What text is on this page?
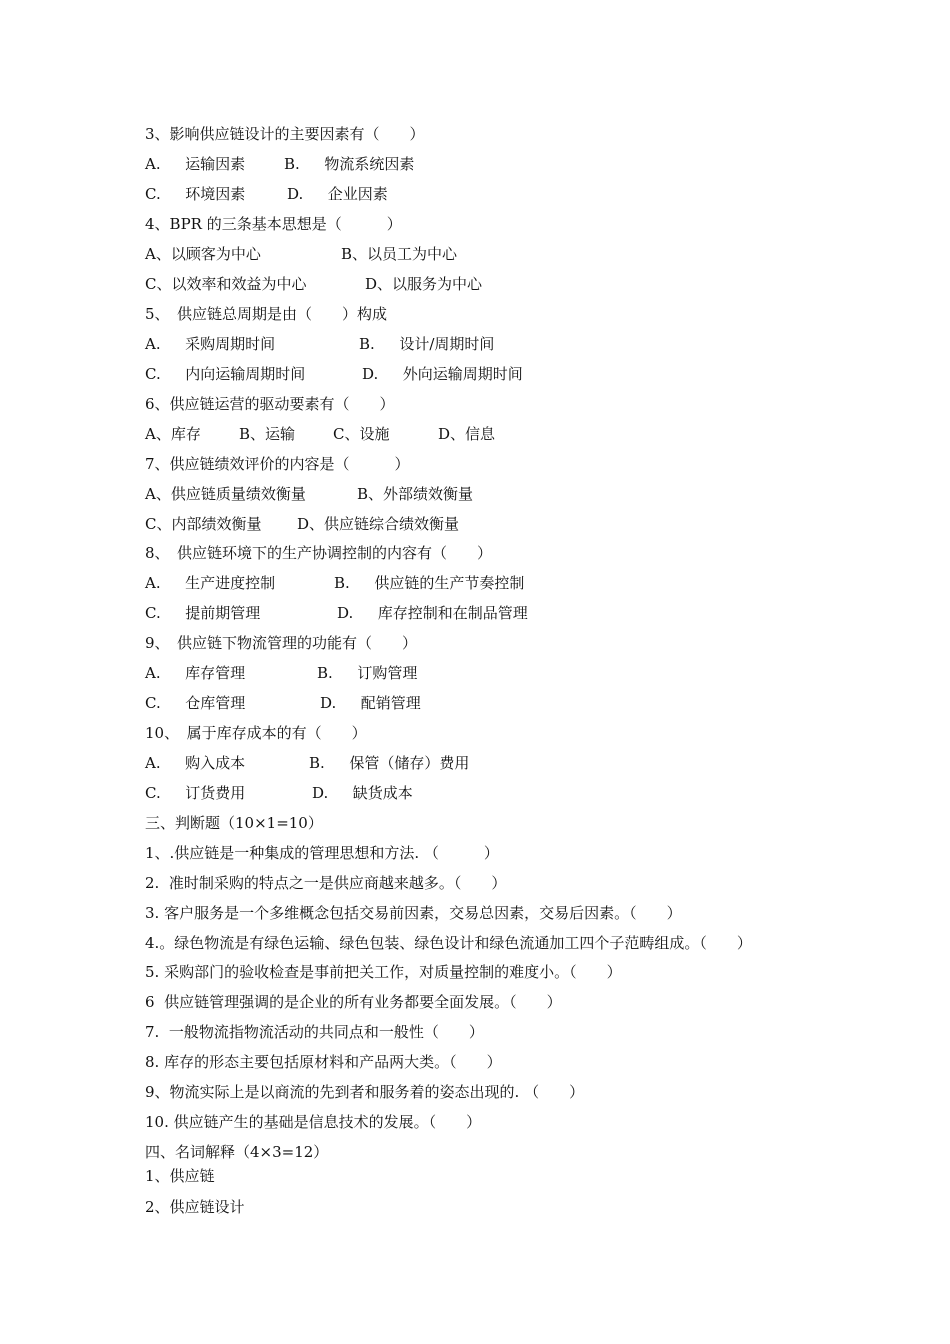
3、影响供应链设计的主要因素有（　　）

A.　  运输因素

	B.　  物流系统因素

C.　  环境因素

	D.　  企业因素

4、BPR 的三条基本思想是（　　　）

A、以顾客为中心

	B、以员工为中心

C、以效率和效益为中心

	D、以服务为中心

5、　供应链总周期是由（　　）构成

A.　  采购周期时间

	B.　  设计/周期时间

C.　  内向运输周期时间

	D.　  外向运输周期时间

6、供应链运营的驱动要素有（　　）

A、库存

	B、运输

	C、设施

	D、信息

7、供应链绩效评价的内容是（　　　）

A、供应链质量绩效衡量

	B、外部绩效衡量

C、内部绩效衡量

D、供应链综合绩效衡量

8、　供应链环境下的生产协调控制的内容有（　　）

A.　  生产进度控制

	B.　  供应链的生产节奏控制

C.　  提前期管理

	D.　  库存控制和在制品管理

9、　供应链下物流管理的功能有（　　）

A.　  库存管理

	B.　  订购管理

C.　  仓库管理

	D.　  配销管理

10、　属于库存成本的有（　　）

A.　  购入成本

	B.　  保管（储存）费用

C.　  订货费用

	D.　  缺货成本

三、判断题（10×1=10）
1、.供应链是一种集成的管理思想和方法. （　　　）
2.  准时制采购的特点之一是供应商越来越多。（　　）
3. 客户服务是一个多维概念包括交易前因素，交易总因素，交易后因素。（　　）
4.。绿色物流是有绿色运输、绿色包装、绿色设计和绿色流通加工四个子范畴组成。（　　）
5. 采购部门的验收检查是事前把关工作，对质量控制的难度小。（　　）
6  供应链管理强调的是企业的所有业务都要全面发展。（　　）
7.  一般物流指物流活动的共同点和一般性（　　）
8. 库存的形态主要包括原材料和产品两大类。（　　）
9、物流实际上是以商流的先到者和服务着的姿态出现的. （　　）
10. 供应链产生的基础是信息技术的发展。（　　）
四、名词解释（4×3=12）
1、供应链
2、供应链设计
